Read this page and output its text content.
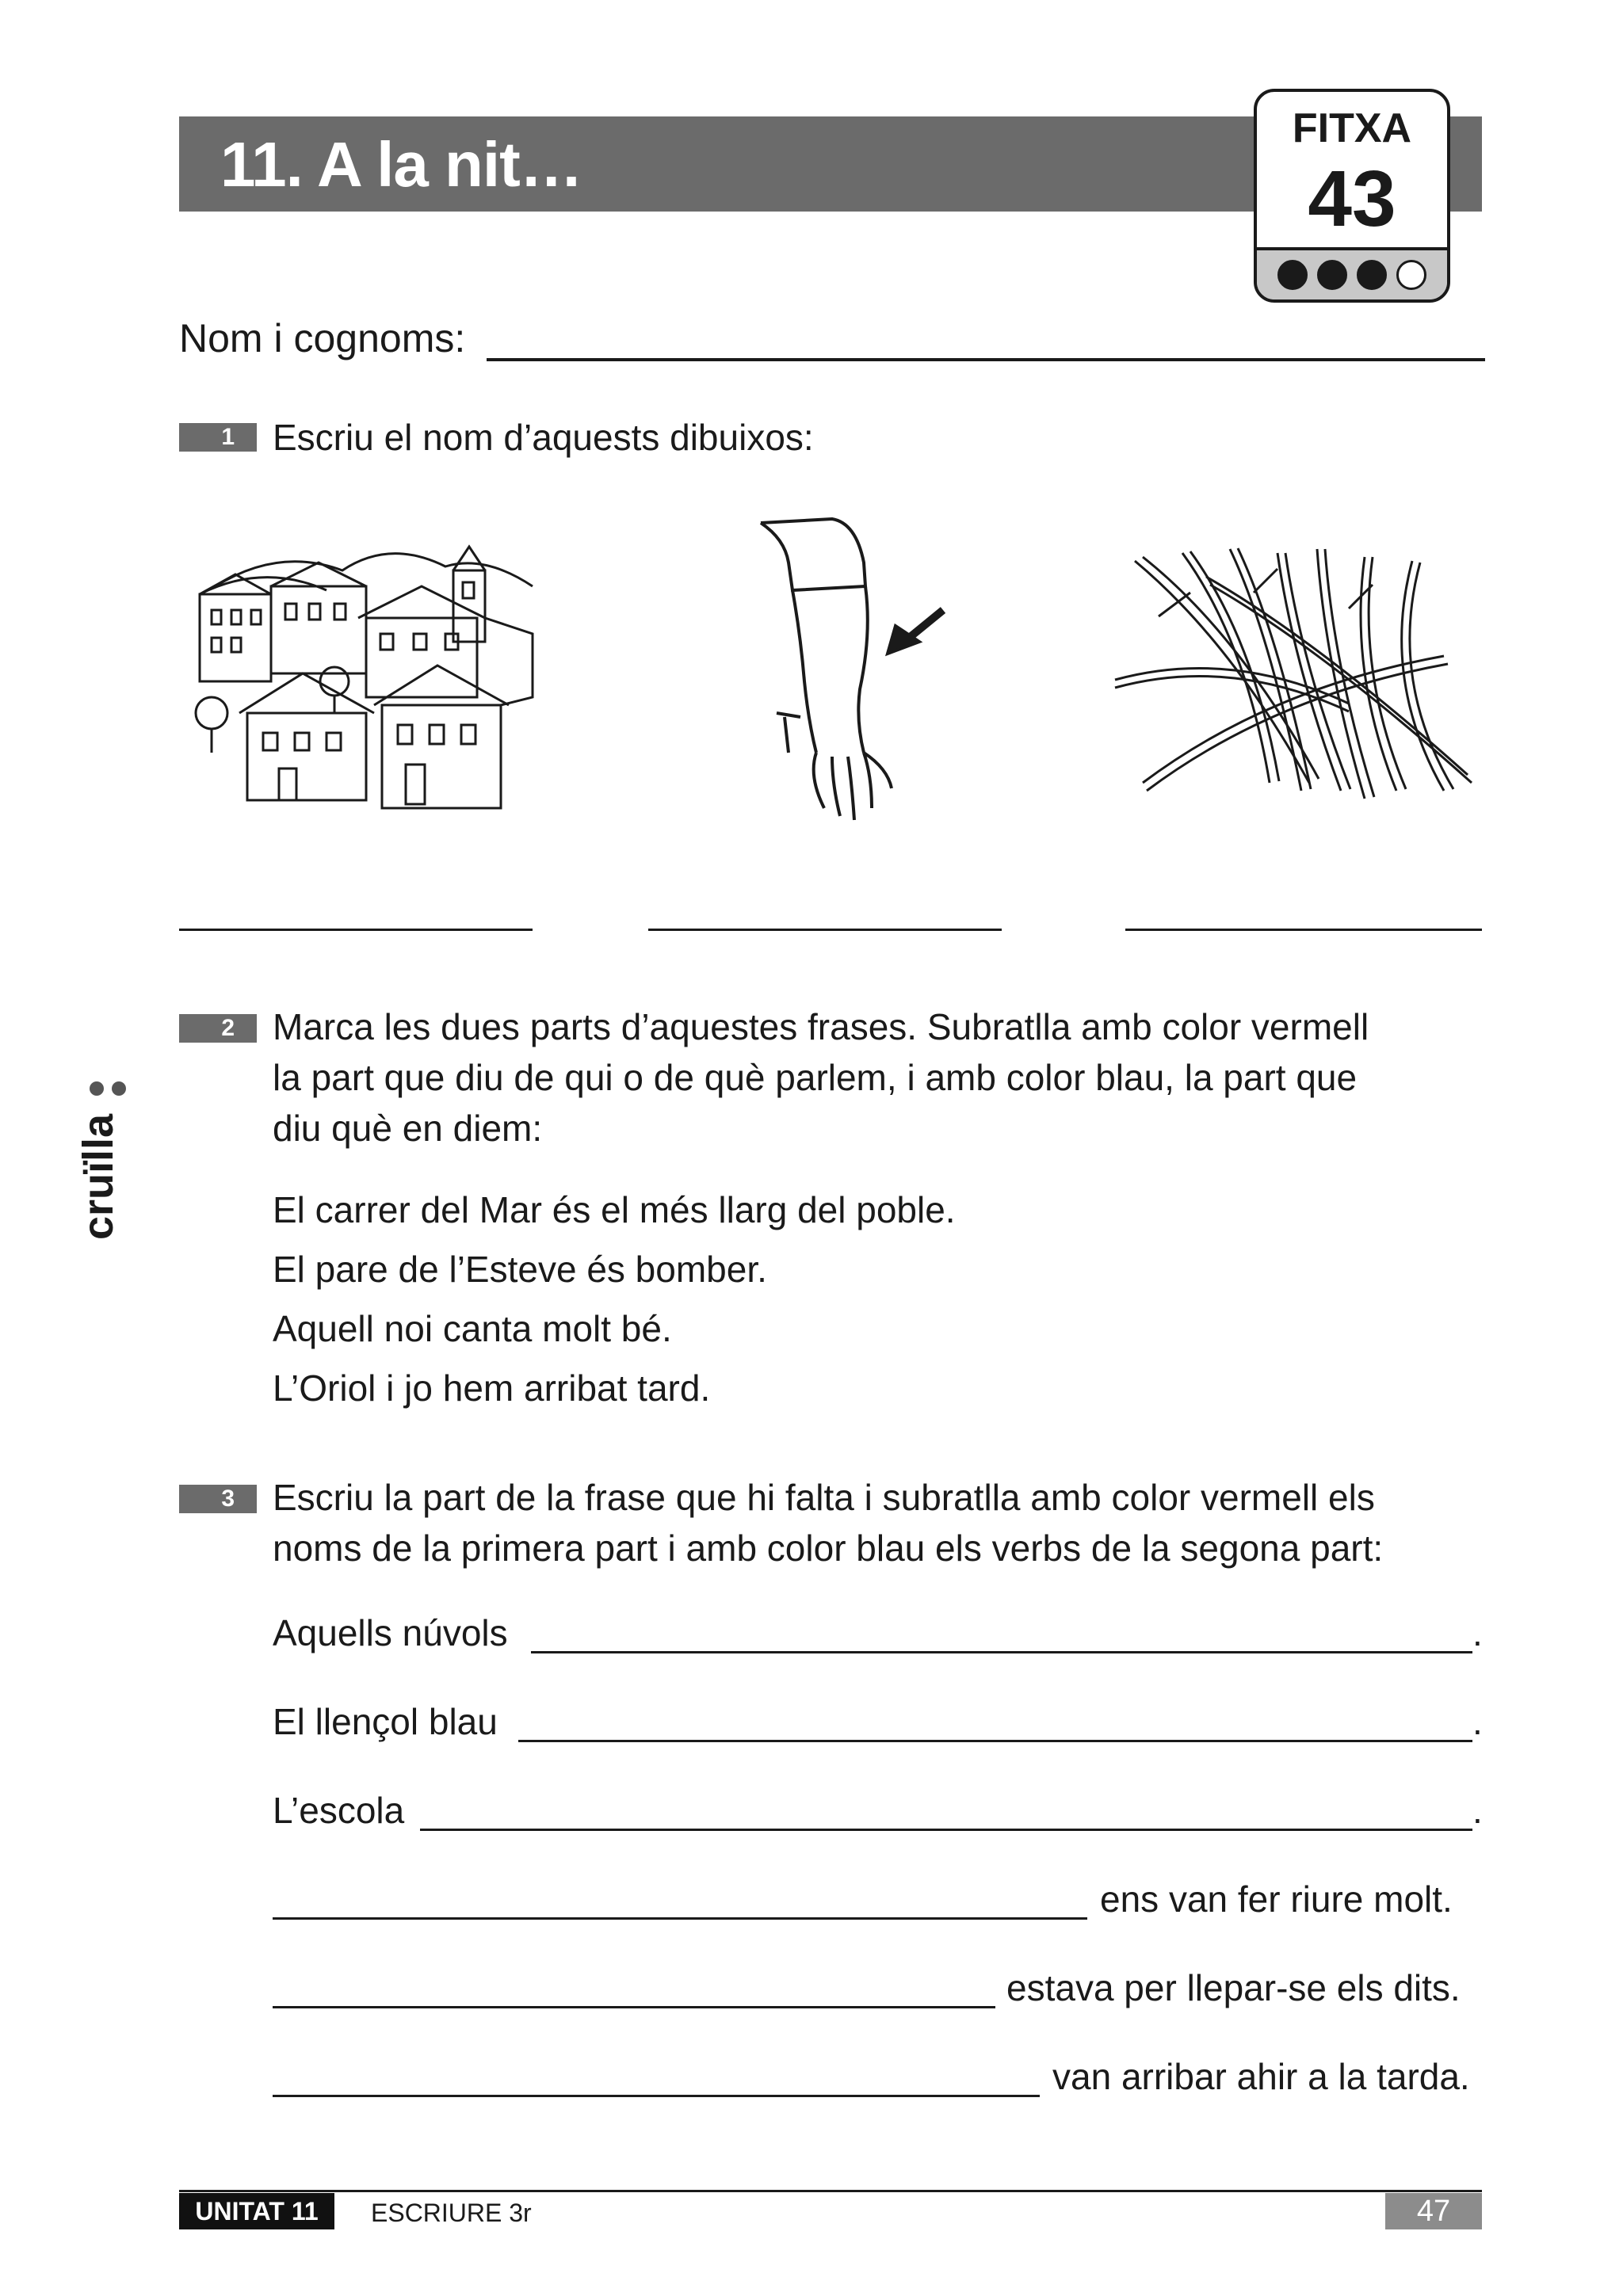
11. A la nit…
FITXA
43
Nom i cognoms:
1	Escriu el nom d’aquests dibuixos:
2	Marca les dues parts d’aquestes frases. Subratlla amb color vermell
la part que diu de qui o de què parlem, i amb color blau, la part que
diu què en diem:
El carrer del Mar és el més llarg del poble.
El pare de l’Esteve és bomber.
Aquell noi canta molt bé.
L’Oriol i jo hem arribat tard.
3	Escriu la part de la frase que hi falta i subratlla amb color vermell els
noms de la primera part i amb color blau els verbs de la segona part:
Aquells núvols	.
El llençol blau	.
L’escola	.
ens van fer riure molt.
estava per llepar-se els dits.
van arribar ahir a la tarda.
cruïlla
UNITAT 11	ESCRIURE 3r	47
